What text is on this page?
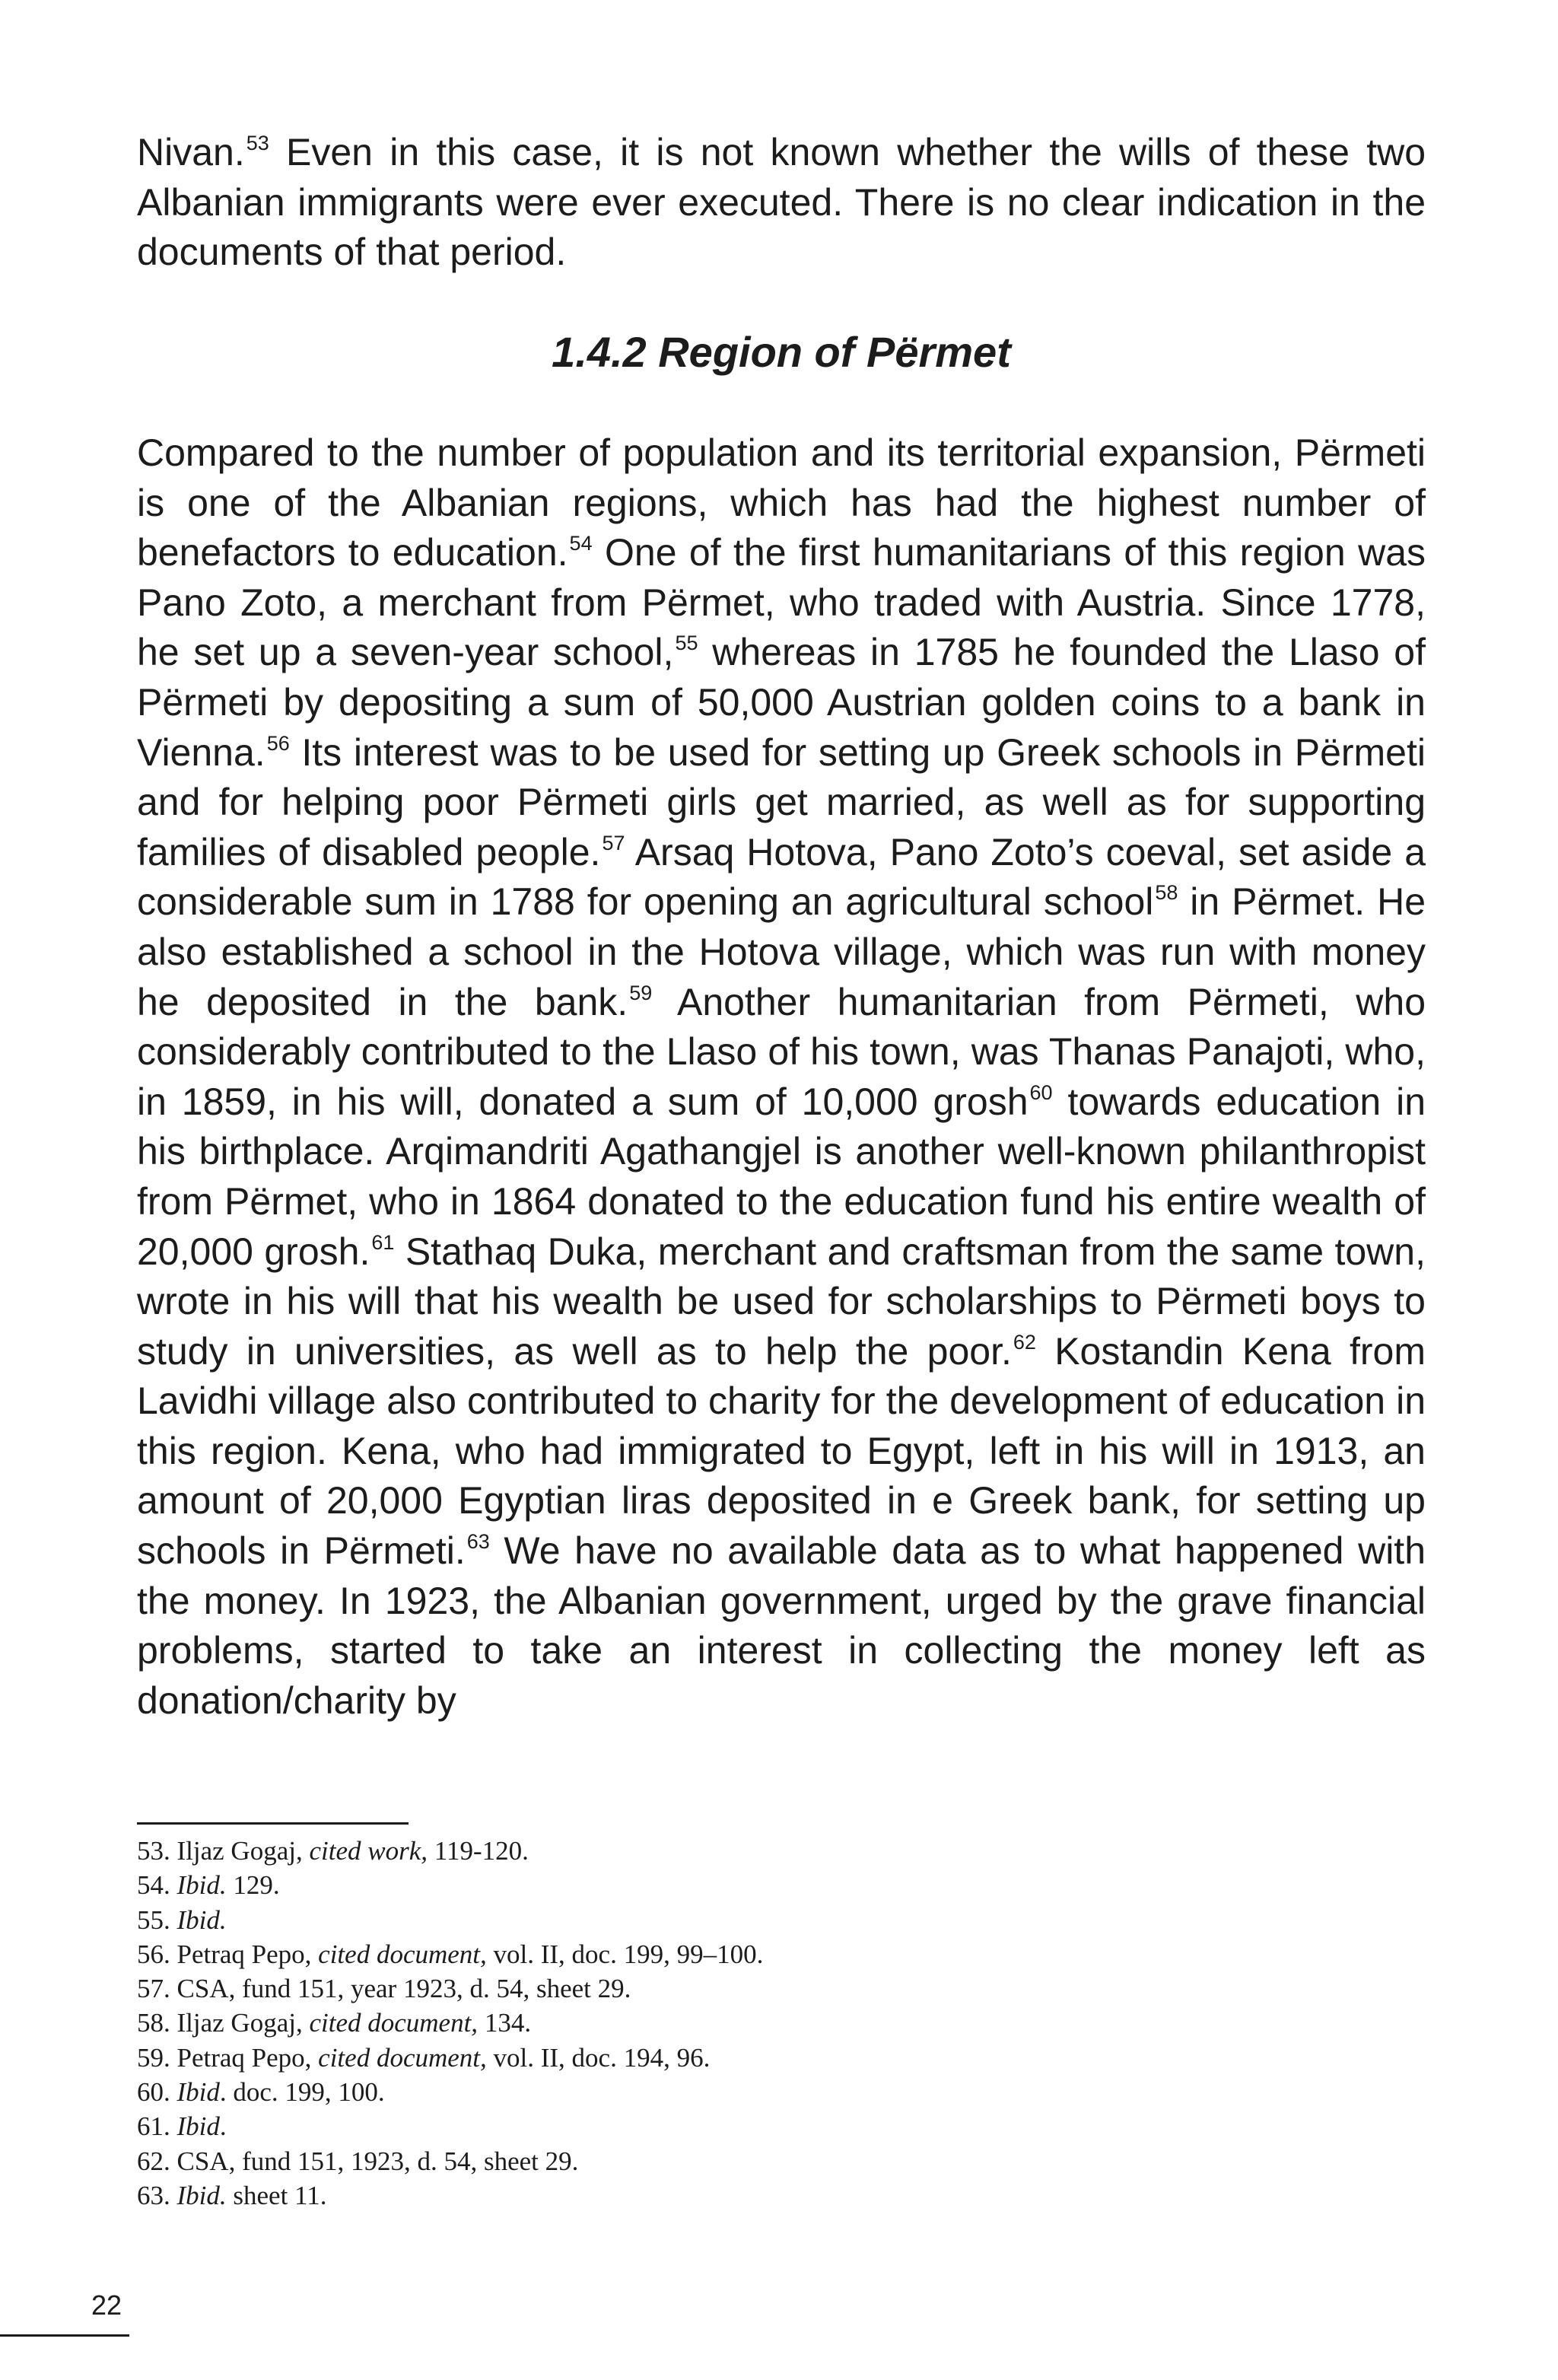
Nivan.$^{53}$ Even in this case, it is not known whether the wills of these two Albanian immigrants were ever executed. There is no clear indication in the documents of that period.

1.4.2 Region of Përmet

Compared to the number of population and its territorial expansion, Përmeti is one of the Albanian regions, which has had the highest number of benefactors to education.$^{54}$ One of the first humanitarians of this region was Pano Zoto, a merchant from Përmet, who traded with Austria. Since 1778, he set up a seven-year school,$^{55}$ whereas in 1785 he founded the Llaso of Përmeti by depositing a sum of 50,000 Austrian golden coins to a bank in Vienna.$^{56}$ Its interest was to be used for setting up Greek schools in Përmeti and for helping poor Përmeti girls get married, as well as for supporting families of disabled people.$^{57}$ Arsaq Hotova, Pano Zoto’s coeval, set aside a considerable sum in 1788 for opening an agricultural school$^{58}$ in Përmet. He also established a school in the Hotova village, which was run with money he deposited in the bank.$^{59}$ Another humanitarian from Përmeti, who considerably contributed to the Llaso of his town, was Thanas Panajoti, who, in 1859, in his will, donated a sum of 10,000 grosh$^{60}$ towards education in his birthplace. Arqimandriti Agathangjel is another well-known philanthropist from Përmet, who in 1864 donated to the education fund his entire wealth of 20,000 grosh.$^{61}$ Stathaq Duka, merchant and craftsman from the same town, wrote in his will that his wealth be used for scholarships to Përmeti boys to study in universities, as well as to help the poor.$^{62}$ Kostandin Kena from Lavidhi village also contributed to charity for the development of education in this region. Kena, who had immigrated to Egypt, left in his will in 1913, an amount of 20,000 Egyptian liras deposited in e Greek bank, for setting up schools in Përmeti.$^{63}$ We have no available data as to what happened with the money. In 1923, the Albanian government, urged by the grave financial problems, started to take an interest in collecting the money left as donation/charity by

53. Iljaz Gogaj, cited work, 119-120.
54. Ibid. 129.
55. Ibid.
56. Petraq Pepo, cited document, vol. II, doc. 199, 99–100.
57. CSA, fund 151, year 1923, d. 54, sheet 29.
58. Iljaz Gogaj, cited document, 134.
59. Petraq Pepo, cited document, vol. II, doc. 194, 96.
60. Ibid. doc. 199, 100.
61. Ibid.
62. CSA, fund 151, 1923, d. 54, sheet 29.
63. Ibid. sheet 11.
22
